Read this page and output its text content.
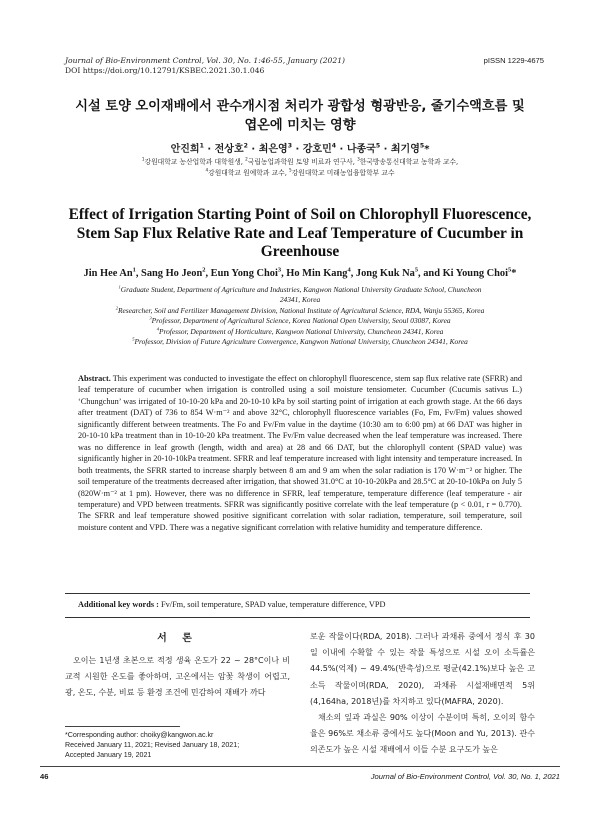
Journal of Bio-Environment Control, Vol. 30, No. 1:46-55, January (2021)
DOI https://doi.org/10.12791/KSBEC.2021.30.1.046
pISSN 1229-4675
시설 토양 오이재배에서 관수개시점 처리가 광합성 형광반응, 줄기수액흐름 및
엽온에 미치는 영향
안진희$^1$ · 전상호$^2$ · 최은영$^3$ · 강호민$^4$ · 나종국$^5$ · 최기영$^5$*
$^1$강원대학교 농산업학과 대학원생, $^2$국립농업과학원 토양 비료과 연구사, $^3$한국방송통신대학교 농학과 교수,
$^4$강원대학교 원예학과 교수, $^5$강원대학교 미래농업융합학부 교수
Effect of Irrigation Starting Point of Soil on Chlorophyll Fluorescence,
Stem Sap Flux Relative Rate and Leaf Temperature of Cucumber in
Greenhouse
Jin Hee An$^1$, Sang Ho Jeon$^2$, Eun Yong Choi$^3$, Ho Min Kang$^4$, Jong Kuk Na$^5$, and Ki Young Choi$^5$*
$^1$Graduate Student, Department of Agriculture and Industries, Kangwon National University Graduate School, Chuncheon
24341, Korea
$^2$Researcher, Soil and Fertilizer Management Division, National Institute of Agricultural Science, RDA, Wanju 55365, Korea
$^3$Professor, Department of Agricultural Science, Korea National Open University, Seoul 03087, Korea
$^4$Professor, Department of Horticulture, Kangwon National University, Chuncheon 24341, Korea
$^5$Professor, Division of Future Agriculture Convergence, Kangwon National University, Chuncheon 24341, Korea
Abstract. This experiment was conducted to investigate the effect on chlorophyll fluorescence, stem sap flux relative rate (SFRR) and leaf temperature of cucumber when irrigation is controlled using a soil moisture tensiometer. Cucumber (Cucumis sativus L.) ‘Chungchun’ was irrigated of 10-10-20 kPa and 20-10-10 kPa by soil starting point of irrigation at each growth stage. At the 66 days after treatment (DAT) of 736 to 854 W·m⁻² and above 32°C, chlorophyll fluorescence variables (Fo, Fm, Fv/Fm) values showed significantly different between treatments. The Fo and Fv/Fm value in the daytime (10:30 am to 6:00 pm) at 66 DAT was higher in 20-10-10 kPa treatment than in 10-10-20 kPa treatment. The Fv/Fm value decreased when the leaf temperature was increased. There was no difference in leaf growth (length, width and area) at 28 and 66 DAT, but the chlorophyll content (SPAD value) was significantly higher in 20-10-10kPa treatment. SFRR and leaf temperature increased with light intensity and temperature increased. In both treatments, the SFRR started to increase sharply between 8 am and 9 am when the solar radiation is 170 W·m⁻² or higher. The soil temperature of the treatments decreased after irrigation, that showed 31.0°C at 10-10-20kPa and 28.5°C at 20-10-10kPa on July 5 (820W·m⁻² at 1 pm). However, there was no difference in SFRR, leaf temperature, temperature difference (leaf temperature - air temperature) and VPD between treatments. SFRR was significantly positive correlate with the leaf temperature (p < 0.01, r = 0.770). The SFRR and leaf temperature showed positive significant correlation with solar radiation, temperature, soil temperature, soil moisture content and VPD. There was a negative significant correlation with relative humidity and temperature difference.
Additional key words : Fv/Fm, soil temperature, SPAD value, temperature difference, VPD
서 론

오이는 1년생 초본으로 적정 생육 온도가 22 ~ 28°C이나 비교적 시원한 온도를 좋아하며, 고온에서는 암꽃 착생이 어렵고, 광, 온도, 수분, 비료 등 환경 조건에 민감하여 재배가 까다

*Corresponding author: choiky@kangwon.ac.kr
Received January 11, 2021; Revised January 18, 2021;
Accepted January 19, 2021

로운 작물이다(RDA, 2018). 그러나 과채류 중에서 정식 후 30일 이내에 수확할 수 있는 작물 특성으로 시설 오이 소득률은 44.5%(억제) ~ 49.4%(반촉성)으로 평균(42.1%)보다 높은 고소득 작물이며(RDA, 2020), 과채류 시설재배면적 5위(4,164ha, 2018년)를 차지하고 있다(MAFRA, 2020).

채소의 잎과 과실은 90% 이상이 수분이며 특히, 오이의 함수율은 96%로 채소류 중에서도 높다(Moon and Yu, 2013). 관수의존도가 높은 시설 재배에서 이들 수분 요구도가 높은

46	Journal of Bio-Environment Control, Vol. 30, No. 1, 2021
